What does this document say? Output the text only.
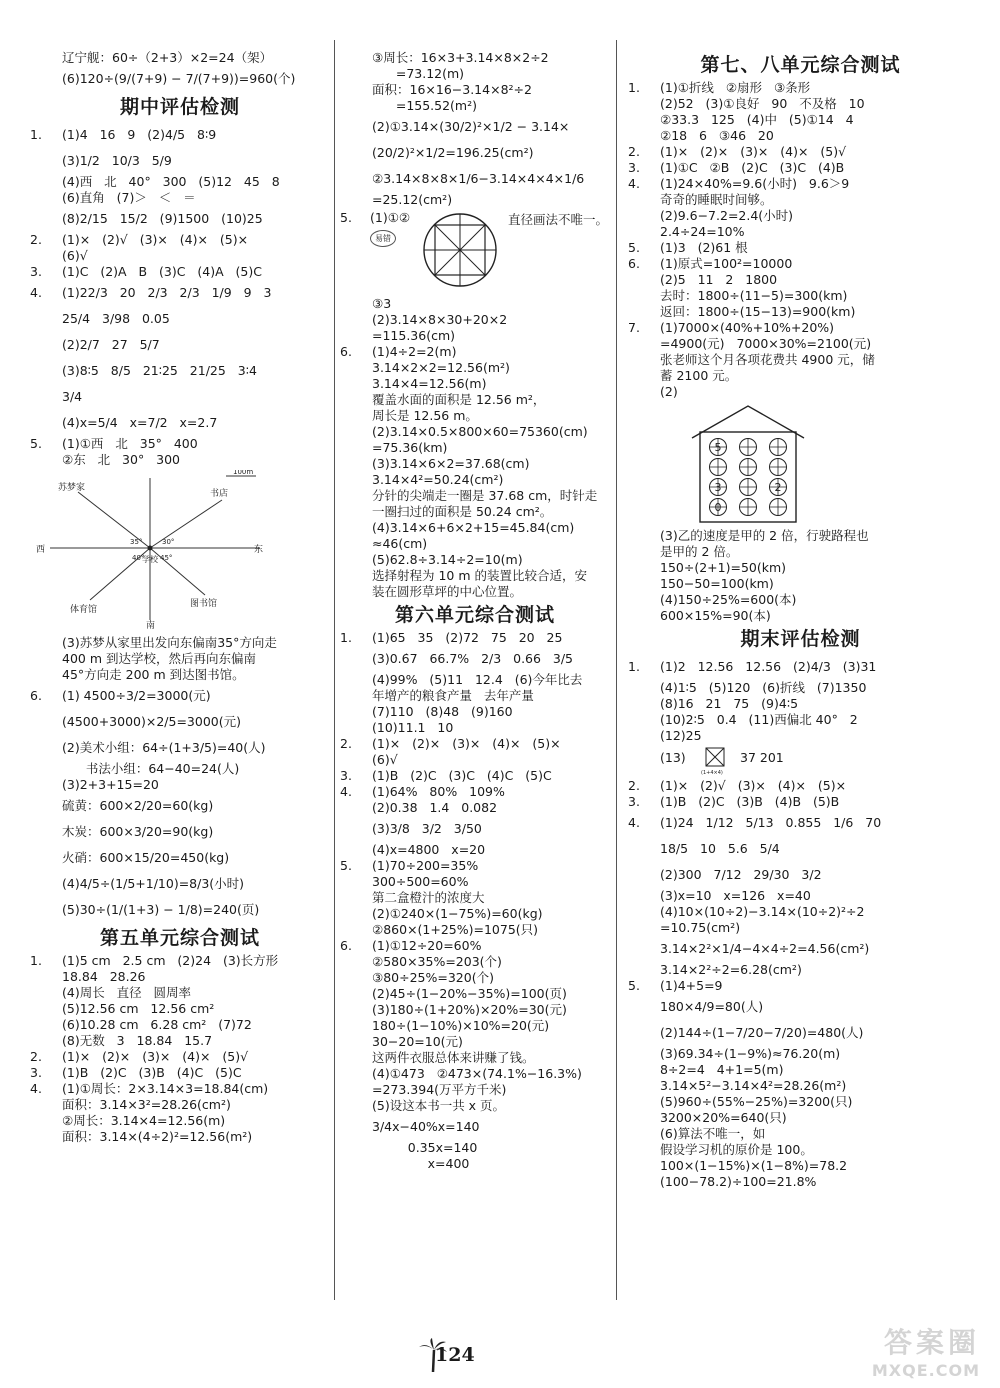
辽宁舰：60÷（2+3）×2=24（架）
(6)120÷(9/(7+9) − 7/(7+9))=960(个)
期中评估检测
1. (1)4   16   9   (2)4/5   8∶9
(3)1/2   10/3   5/9
(4)西   北   40°   300   (5)12   45   8
(6)直角   (7)＞   ＜   ＝
(8)2/15   15/2   (9)1500   (10)25
2. (1)×   (2)√   (3)×   (4)×   (5)×
(6)√
3. (1)C   (2)A   B   (3)C   (4)A   (5)C
4. (1)22/3   20   2/3   2/3   1/9   9   3
25/4   3/98   0.05
(2)2/7   27   5/7
(3)8∶5   8/5   21∶25   21/25   3∶4
3/4
(4)x=5/4   x=7/2   x=2.7
5. (1)①西   北   35°   400
②东   北   30°   300
100m
苏梦家
书店
西	东
南
学校
图书馆
体育馆
35°
40°
30°
45°
(3)苏梦从家里出发向东偏南35°方向走
400 m 到达学校，然后再向东偏南
45°方向走 200 m 到达图书馆。
6. (1) 4500÷3/2=3000(元)
(4500+3000)×2/5=3000(元)
(2)美术小组：64÷(1+3/5)=40(人)
书法小组：64−40=24(人)
(3)2+3+15=20
硫黄：600×2/20=60(kg)
木炭：600×3/20=90(kg)
火硝：600×15/20=450(kg)
(4)4/5÷(1/5+1/10)=8/3(小时)
(5)30÷(1/(1+3) − 1/8)=240(页)
第五单元综合测试
1. (1)5 cm   2.5 cm   (2)24   (3)长方形
18.84   28.26
(4)周长   直径   圆周率
(5)12.56 cm   12.56 cm²
(6)10.28 cm   6.28 cm²   (7)72
(8)无数   3   18.84   15.7
2. (1)×   (2)×   (3)×   (4)×   (5)√
3. (1)B   (2)C   (3)B   (4)C   (5)C
4. (1)①周长：2×3.14×3=18.84(cm)
面积：3.14×3²=28.26(cm²)
②周长：3.14×4=12.56(m)
面积：3.14×(4÷2)²=12.56(m²)
③周长：16×3+3.14×8×2÷2
=73.12(m)
面积：16×16−3.14×8²÷2
=155.52(m²)
(2)①3.14×(30/2)²×1/2 − 3.14×
(20/2)²×1/2=196.25(cm²)
②3.14×8×8×1/6−3.14×4×4×1/6
=25.12(cm²)
5.	(1)①②
易错
直径画法不唯一。
③3
(2)3.14×8×30+20×2
=115.36(cm)
6. (1)4÷2=2(m)
3.14×2×2=12.56(m²)
3.14×4=12.56(m)
覆盖水面的面积是 12.56 m²，
周长是 12.56 m。
(2)3.14×0.5×800×60=75360(cm)
=75.36(km)
(3)3.14×6×2=37.68(cm)
3.14×4²=50.24(cm²)
分针的尖端走一圈是 37.68 cm，时针走
一圈扫过的面积是 50.24 cm²。
(4)3.14×6+6×2+15=45.84(cm)
≈46(cm)
(5)62.8÷3.14÷2=10(m)
选择射程为 10 m 的装置比较合适，安
装在圆形草坪的中心位置。
第六单元综合测试
1. (1)65   35   (2)72   75   20   25
(3)0.6̇7   66.7%   2/3   0.66   3/5
(4)99%   (5)11   12.4   (6)今年比去
年增产的粮食产量   去年产量
(7)110   (8)48   (9)160
(10)11.1   10
2. (1)×   (2)×   (3)×   (4)×   (5)×
(6)√
3. (1)B   (2)C   (3)C   (4)C   (5)C
4. (1)64%   80%   109%
(2)0.38   1.4   0.082
(3)3/8   3/2   3/50
(4)x=4800   x=20
5. (1)70÷200=35%
300÷500=60%
第二盒橙汁的浓度大
(2)①240×(1−75%)=60(kg)
②860×(1+25%)=1075(只)
6. (1)①12÷20=60%
②580×35%=203(个)
③80÷25%=320(个)
(2)45÷(1−20%−35%)=100(页)
(3)180÷(1+20%)×20%=30(元)
180÷(1−10%)×10%=20(元)
30−20=10(元)
这两件衣服总体来讲赚了钱。
(4)①473   ②473×(74.1%−16.3%)
=273.394(万平方千米)
(5)设这本书一共 x 页。
3/4x−40%x=140
0.35x=140
x=400
第七、八单元综合测试
1. (1)①折线   ②扇形   ③条形
(2)52   (3)①良好   90   不及格   10
②33.3   125   (4)中   (5)①14   4
②18   6   ③46   20
2. (1)×   (2)×   (3)×   (4)×   (5)√
3. (1)①C   ②B   (2)C   (3)C   (4)B
4. (1)24×40%=9.6(小时)   9.6＞9
奇奇的睡眠时间够。
(2)9.6−7.2=2.4(小时)
2.4÷24=10%
5. (1)3   (2)61 根
6. (1)原式=100²=10000
(2)5   11   2   1800
去时：1800÷(11−5)=300(km)
返回：1800÷(15−13)=900(km)
7. (1)7000×(40%+10%+20%)
=4900(元)   7000×30%=2100(元)
张老师这个月各项花费共 4900 元，储
蓄 2100 元。
(2)
5
3	2
0
(3)乙的速度是甲的 2 倍，行驶路程也
是甲的 2 倍。
150÷(2+1)=50(km)
150−50=100(km)
(4)150÷25%=600(本)
600×15%=90(本)
期末评估检测
1. (1)2   12.56   12.56   (2)4/3   (3)31
(4)1∶5   (5)120   (6)折线   (7)1350
(8)16   21   75   (9)4∶5
(10)2∶5   0.4   (11)西偏北 40°   2
(12)25
(13)
(1+4×4)
37 201
2. (1)×   (2)√   (3)×   (4)×   (5)×
3. (1)B   (2)C   (3)B   (4)B   (5)B
4. (1)24   1/12   5/13   0.855   1/6   70
18/5   10   5.6   5/4
(2)300   7/12   29/30   3/2
(3)x=10   x=126   x=40
(4)10×(10÷2)−3.14×(10÷2)²÷2
=10.75(cm²)
3.14×2²×1/4−4×4÷2=4.56(cm²)
3.14×2²÷2=6.28(cm²)
5. (1)4+5=9
180×4/9=80(人)
(2)144÷(1−7/20−7/20)=480(人)
(3)69.34÷(1−9%)≈76.20(m)
8÷2=4   4+1=5(m)
3.14×5²−3.14×4²=28.26(m²)
(5)960÷(55%−25%)=3200(只)
3200×20%=640(只)
(6)算法不唯一，如
假设学习机的原价是 100。
100×(1−15%)×(1−8%)=78.2
(100−78.2)÷100=21.8%
124	答案圈
MXQE.COM
